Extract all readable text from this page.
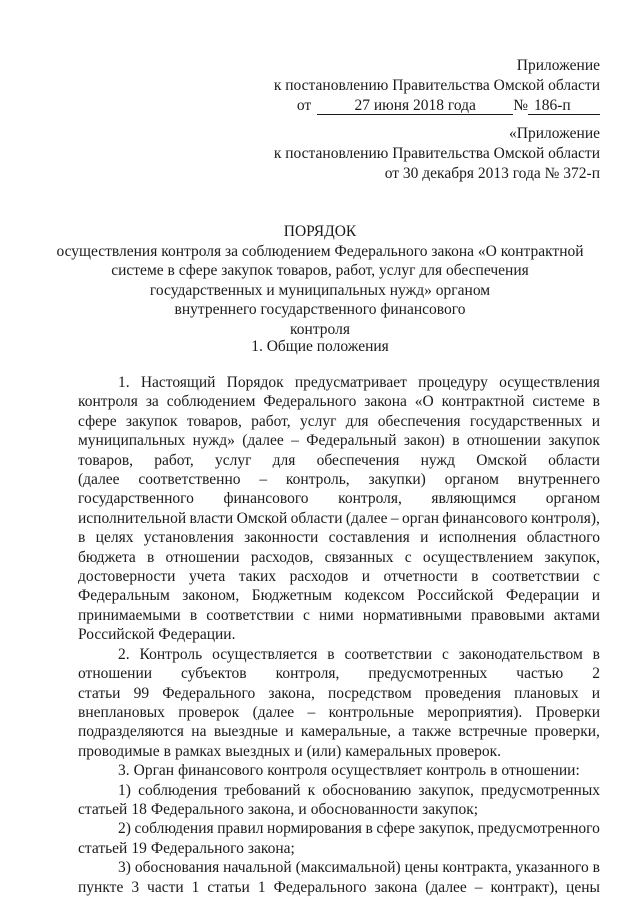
Приложение
к постановлению Правительства Омской области
от	27 июня 2018 года № 186-п
«Приложение
к постановлению Правительства Омской области
от 30 декабря 2013 года № 372-п
ПОРЯДОК
осуществления контроля за соблюдением Федерального закона «О контрактной
системе в сфере закупок товаров, работ, услуг для обеспечения
государственных и муниципальных нужд» органом
внутреннего государственного финансового
контроля
1. Общие положения
1. Настоящий Порядок предусматривает процедуру осуществления
контроля за соблюдением Федерального закона «О контрактной системе в
сфере закупок товаров, работ, услуг для обеспечения государственных и
муниципальных нужд» (далее – Федеральный закон) в отношении закупок
товаров, работ, услуг для обеспечения нужд Омской области
(далее соответственно – контроль, закупки) органом внутреннего
государственного финансового контроля, являющимся органом
исполнительной власти Омской области (далее – орган финансового контроля),
в целях установления законности составления и исполнения областного
бюджета в отношении расходов, связанных с осуществлением закупок,
достоверности учета таких расходов и отчетности в соответствии с
Федеральным законом, Бюджетным кодексом Российской Федерации и
принимаемыми в соответствии с ними нормативными правовыми актами
Российской Федерации.
2. Контроль осуществляется в соответствии с законодательством в
отношении субъектов контроля, предусмотренных частью 2
статьи 99 Федерального закона, посредством проведения плановых и
внеплановых проверок (далее – контрольные мероприятия). Проверки
подразделяются на выездные и камеральные, а также встречные проверки,
проводимые в рамках выездных и (или) камеральных проверок.
3. Орган финансового контроля осуществляет контроль в отношении:
1) соблюдения требований к обоснованию закупок, предусмотренных
статьей 18 Федерального закона, и обоснованности закупок;
2) соблюдения правил нормирования в сфере закупок, предусмотренного
статьей 19 Федерального закона;
3) обоснования начальной (максимальной) цены контракта, указанного в
пункте 3 части 1 статьи 1 Федерального закона (далее – контракт), цены
